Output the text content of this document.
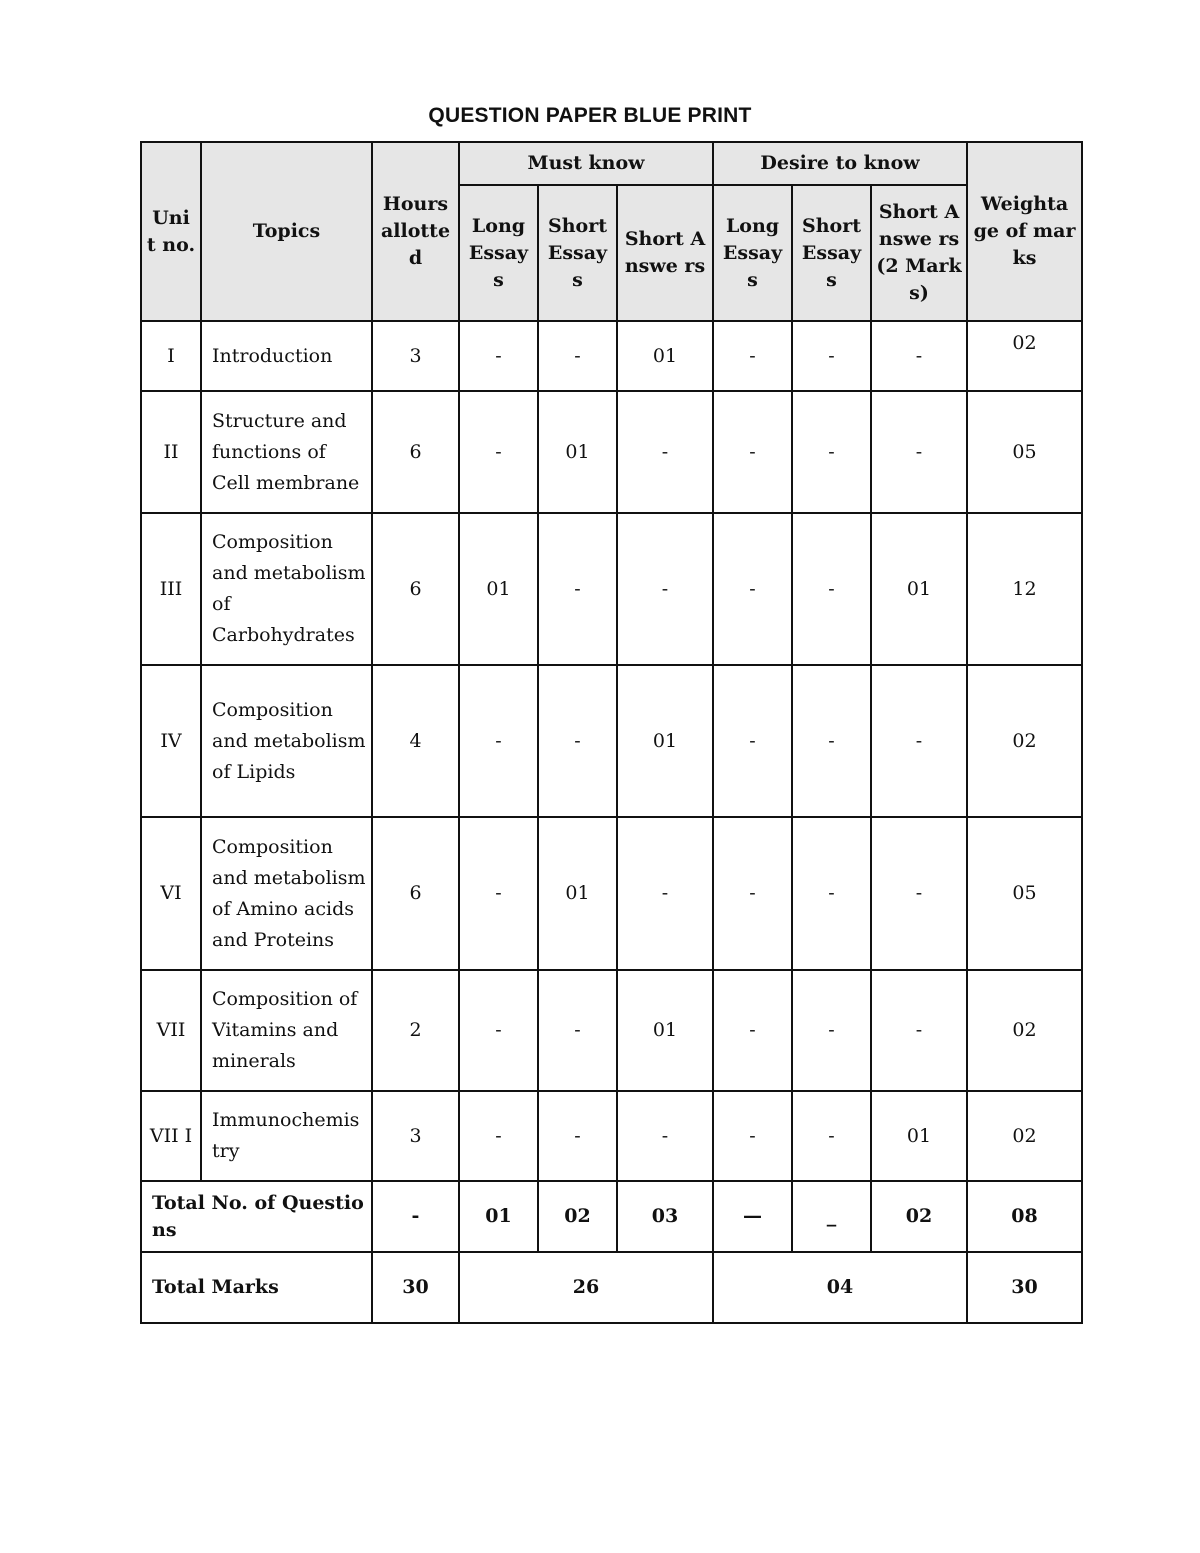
QUESTION PAPER BLUE PRINT
Uni t no.	Topics	Hours allotte d	Must know			Desire to know			Weighta ge of marks
			Long Essay s	Short Essay s	Short Answe rs	Long Essay s	Short Essay s	Short Answe rs (2 Marks)	
I	Introduction	3	-	-	01	-	-	-	02
II	Structure and functions of Cell membrane	6	-	01	-	-	-	-	05
III	Composition and metabolism of Carbohydrates	6	01	-	-	-	-	01	12
IV	Composition and metabolism of Lipids	4	-	-	01	-	-	-	02
VI	Composition and metabolism of Amino acids and Proteins	6	-	01	-	-	-	-	05
VII	Composition of Vitamins and minerals	2	-	-	01	-	-	-	02
VII I	Immunochemis try	3	-	-	-	-	-	01	02
Total No. of Questions		-	01	02	03	—	_	02	08
Total Marks		30	26			04			30
